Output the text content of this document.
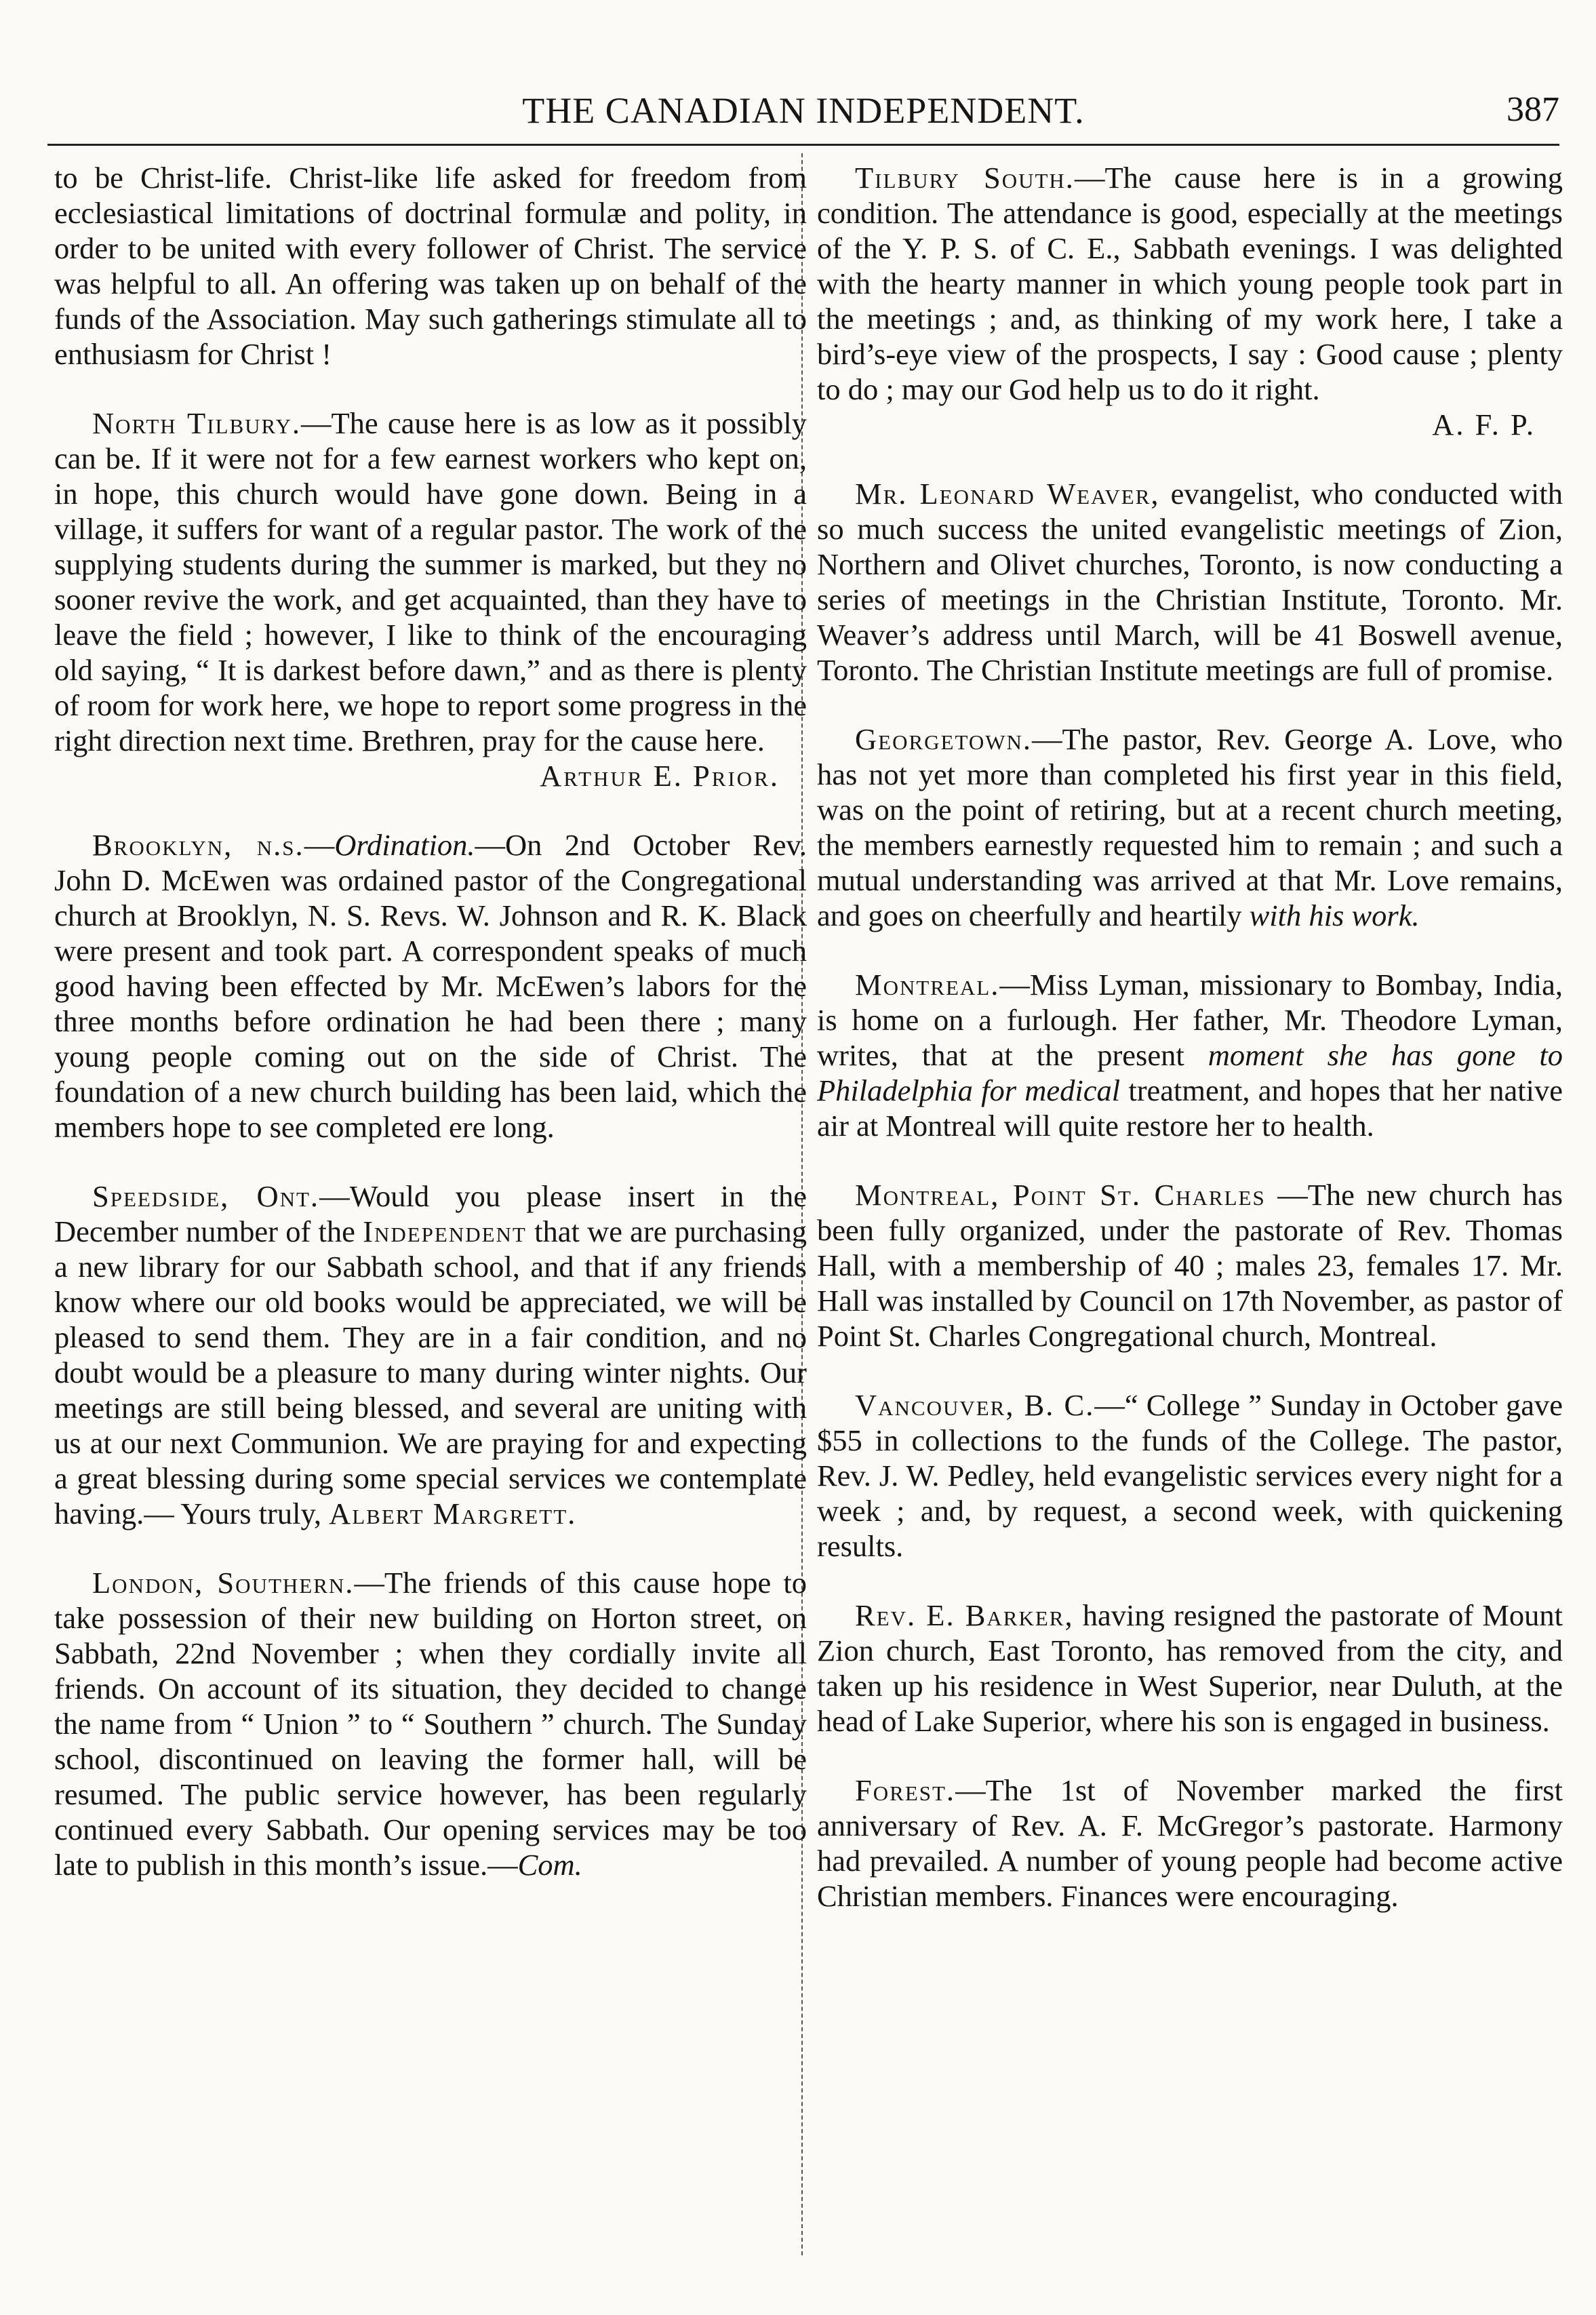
THE CANADIAN INDEPENDENT.	387

to be Christ-life. Christ-like life asked for freedom from ecclesiastical limitations of doctrinal formulæ and polity, in order to be united with every follower of Christ. The service was helpful to all. An offering was taken up on behalf of the funds of the Association. May such gatherings stimulate all to enthusiasm for Christ !

North Tilbury.—The cause here is as low as it possibly can be. If it were not for a few earnest workers who kept on, in hope, this church would have gone down. Being in a village, it suffers for want of a regular pastor. The work of the supplying students during the summer is marked, but they no sooner revive the work, and get acquainted, than they have to leave the field ; however, I like to think of the encouraging old saying, “ It is darkest before dawn,” and as there is plenty of room for work here, we hope to report some progress in the right direction next time. Brethren, pray for the cause here.

Arthur E. Prior.

Brooklyn, n.s.—Ordination.—On 2nd October Rev. John D. McEwen was ordained pastor of the Congregational church at Brooklyn, N. S. Revs. W. Johnson and R. K. Black were present and took part. A correspondent speaks of much good having been effected by Mr. McEwen’s labors for the three months before ordination he had been there ; many young people coming out on the side of Christ. The foundation of a new church building has been laid, which the members hope to see completed ere long.

Speedside, Ont.—Would you please insert in the December number of the Independent that we are purchasing a new library for our Sabbath school, and that if any friends know where our old books would be appreciated, we will be pleased to send them. They are in a fair condition, and no doubt would be a pleasure to many during winter nights. Our meetings are still being blessed, and several are uniting with us at our next Communion. We are praying for and expecting a great blessing during some special services we contemplate having.— Yours truly, Albert Margrett.

London, Southern.—The friends of this cause hope to take possession of their new building on Horton street, on Sabbath, 22nd November ; when they cordially invite all friends. On account of its situation, they decided to change the name from “ Union ” to “ Southern ” church. The Sunday school, discontinued on leaving the former hall, will be resumed. The public service however, has been regularly continued every Sabbath. Our opening services may be too late to publish in this month’s issue.—Com.

Tilbury South.—The cause here is in a growing condition. The attendance is good, especially at the meetings of the Y. P. S. of C. E., Sabbath evenings. I was delighted with the hearty manner in which young people took part in the meetings ; and, as thinking of my work here, I take a bird’s-eye view of the prospects, I say : Good cause ; plenty to do ; may our God help us to do it right.

A. F. P.

Mr. Leonard Weaver, evangelist, who conducted with so much success the united evangelistic meetings of Zion, Northern and Olivet churches, Toronto, is now conducting a series of meetings in the Christian Institute, Toronto. Mr. Weaver’s address until March, will be 41 Boswell avenue, Toronto. The Christian Institute meetings are full of promise.

Georgetown.—The pastor, Rev. George A. Love, who has not yet more than completed his first year in this field, was on the point of retiring, but at a recent church meeting, the members earnestly requested him to remain ; and such a mutual understanding was arrived at that Mr. Love remains, and goes on cheerfully and heartily with his work.

Montreal.—Miss Lyman, missionary to Bombay, India, is home on a furlough. Her father, Mr. Theodore Lyman, writes, that at the present moment she has gone to Philadelphia for medical treatment, and hopes that her native air at Montreal will quite restore her to health.

Montreal, Point St. Charles —The new church has been fully organized, under the pastorate of Rev. Thomas Hall, with a membership of 40 ; males 23, females 17. Mr. Hall was installed by Council on 17th November, as pastor of Point St. Charles Congregational church, Montreal.

Vancouver, B. C.—“ College ” Sunday in October gave $55 in collections to the funds of the College. The pastor, Rev. J. W. Pedley, held evangelistic services every night for a week ; and, by request, a second week, with quickening results.

Rev. E. Barker, having resigned the pastorate of Mount Zion church, East Toronto, has removed from the city, and taken up his residence in West Superior, near Duluth, at the head of Lake Superior, where his son is engaged in business.

Forest.—The 1st of November marked the first anniversary of Rev. A. F. McGregor’s pastorate. Harmony had prevailed. A number of young people had become active Christian members. Finances were encouraging.
